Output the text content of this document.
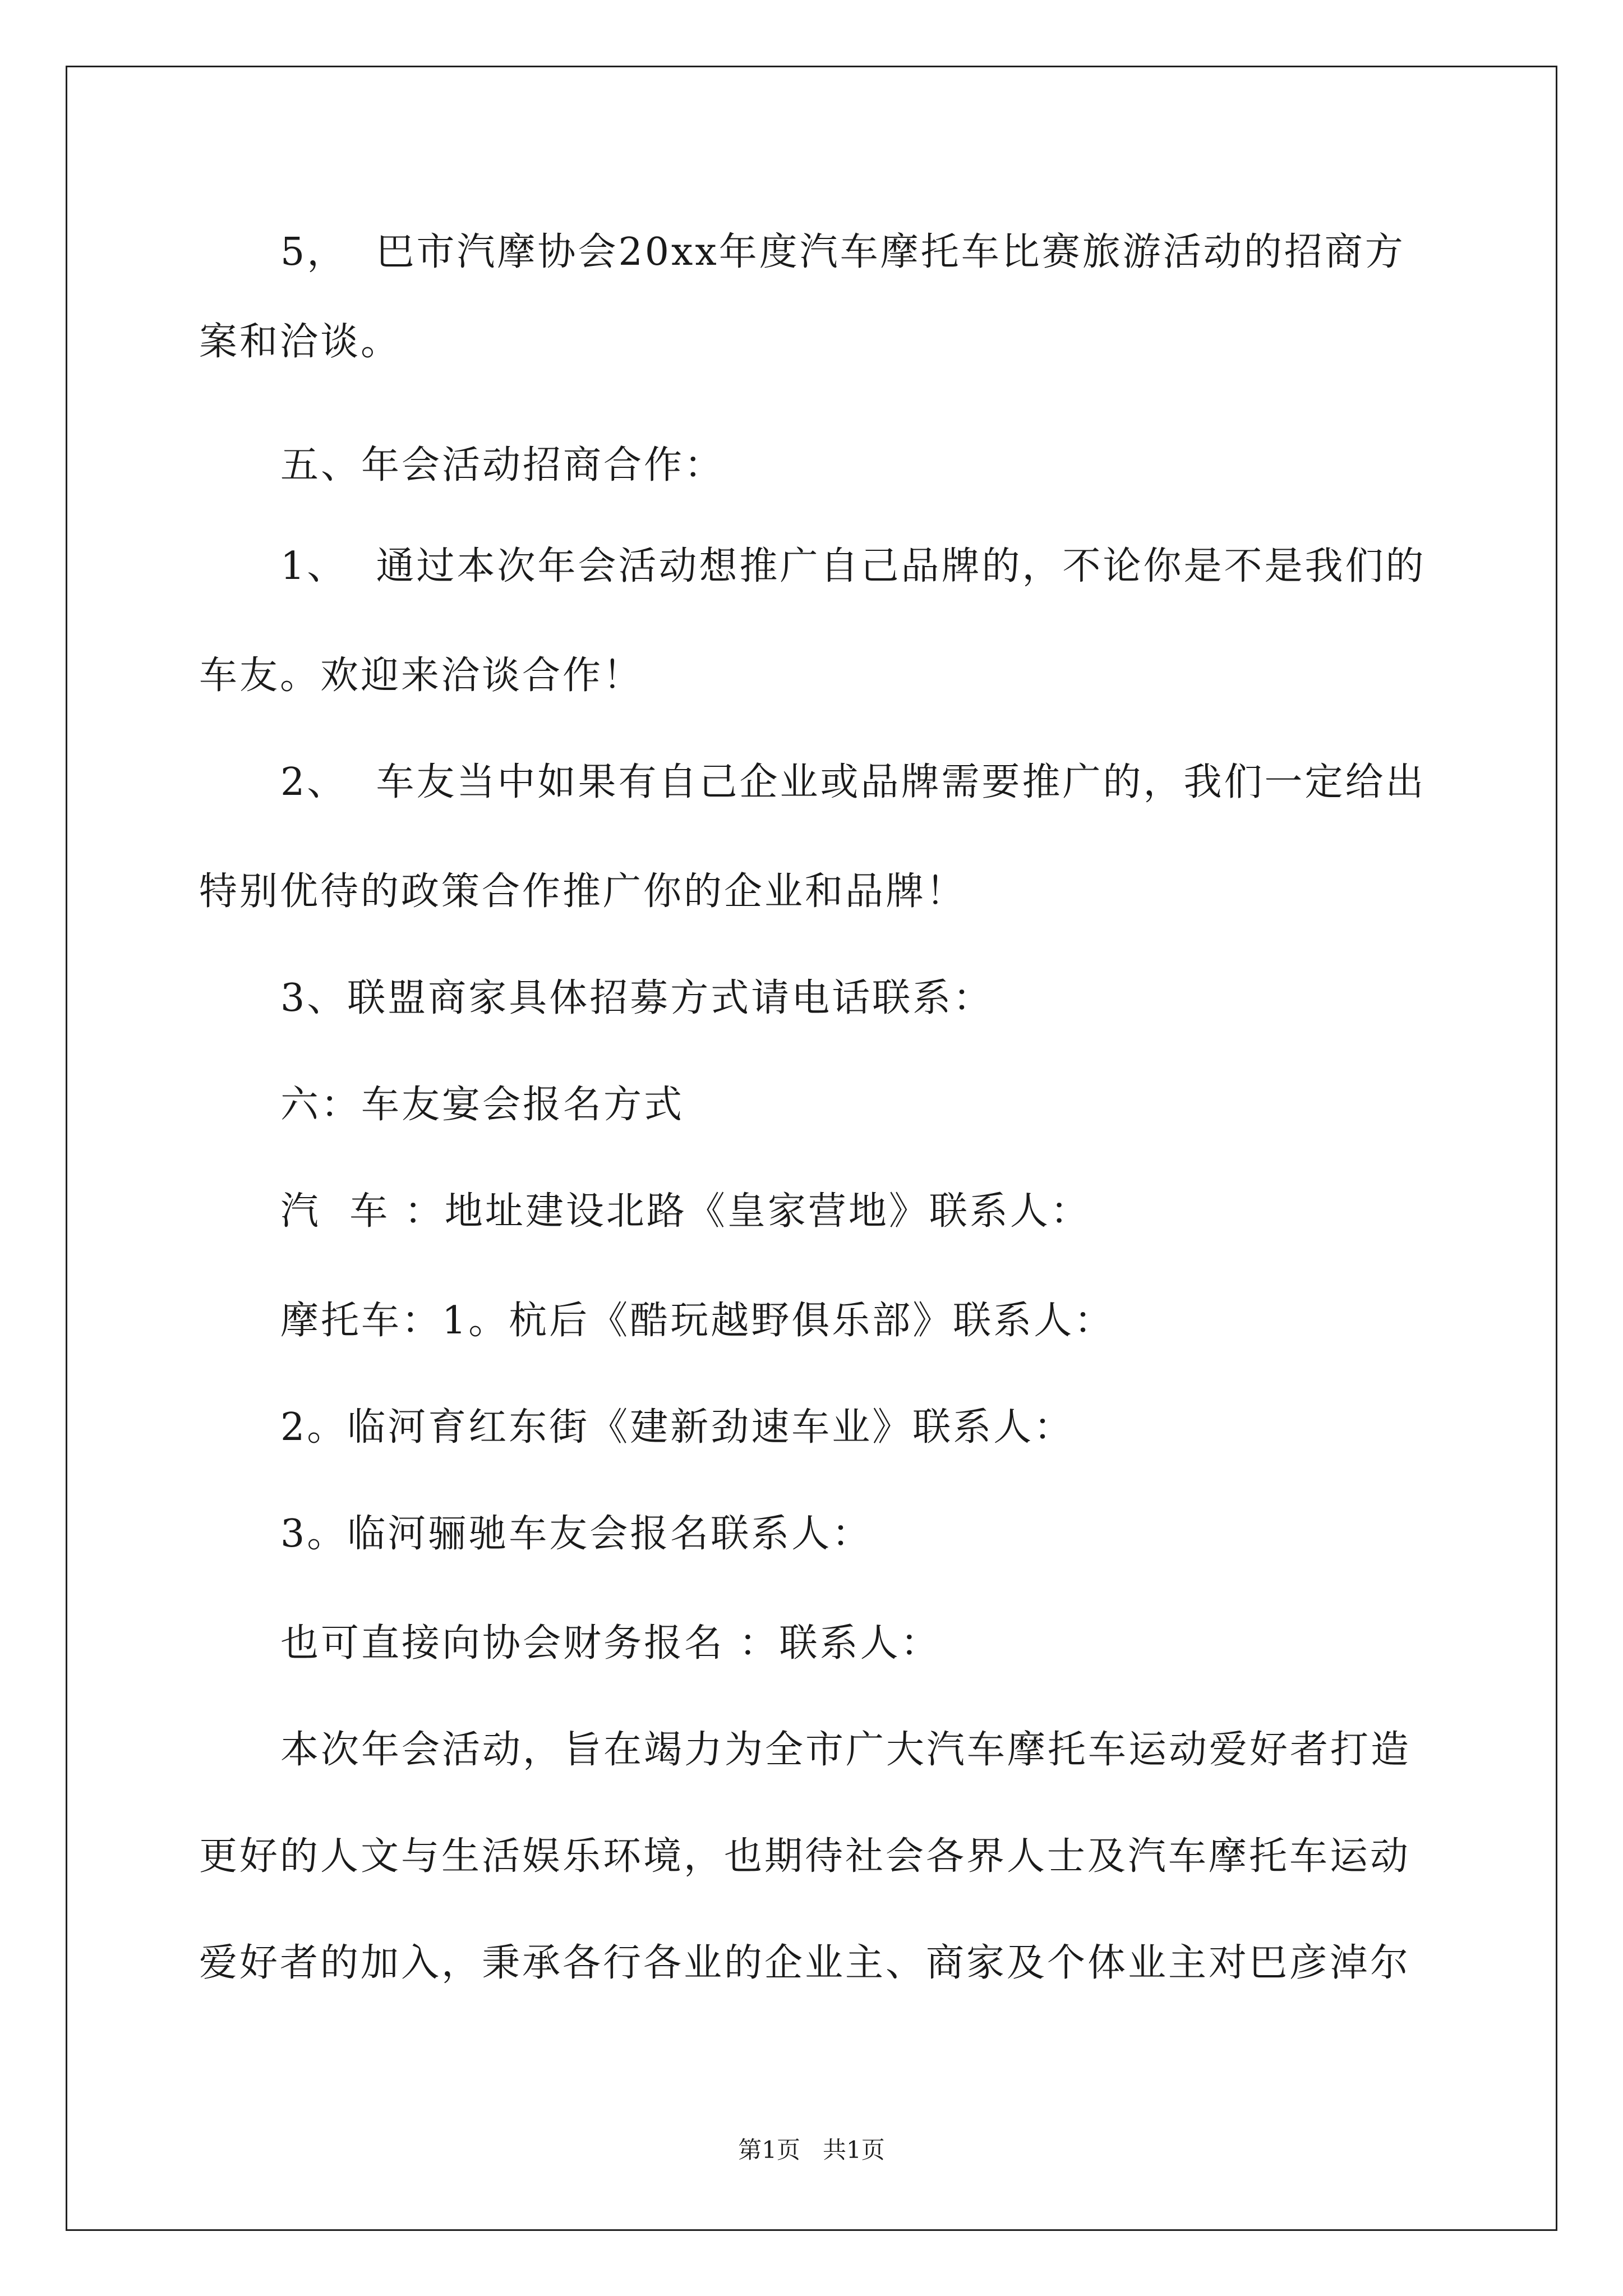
5，  巴市汽摩协会20xx年度汽车摩托车比赛旅游活动的招商方
案和洽谈。
五、年会活动招商合作：
1、  通过本次年会活动想推广自己品牌的，不论你是不是我们的
车友。欢迎来洽谈合作！
2、  车友当中如果有自己企业或品牌需要推广的，我们一定给出
特别优待的政策合作推广你的企业和品牌！
3、联盟商家具体招募方式请电话联系：
六：车友宴会报名方式
汽  车 ：地址建设北路《皇家营地》联系人：
摩托车：1。杭后《酷玩越野俱乐部》联系人：
2。临河育红东街《建新劲速车业》联系人：
3。临河骊驰车友会报名联系人：
也可直接向协会财务报名 ：联系人：
本次年会活动，旨在竭力为全市广大汽车摩托车运动爱好者打造
更好的人文与生活娱乐环境，也期待社会各界人士及汽车摩托车运动
爱好者的加入，秉承各行各业的企业主、商家及个体业主对巴彦淖尔
第1页   共1页
